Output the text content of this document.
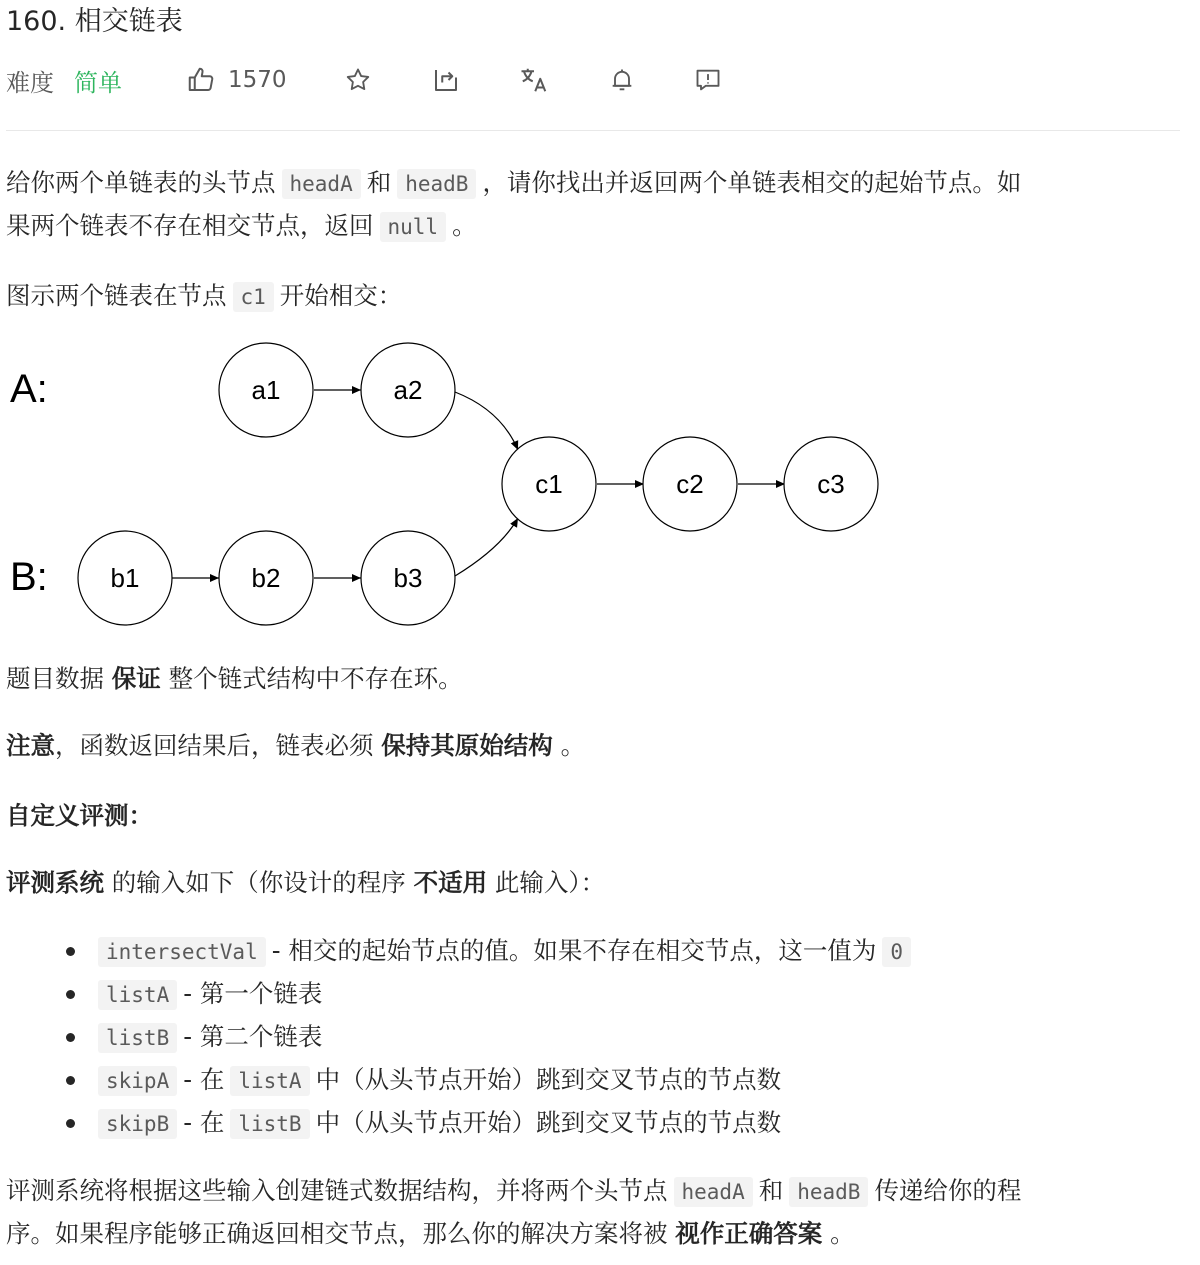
160. 相交链表
难度 简单	1570
给你两个单链表的头节点 headA 和 headB ，请你找出并返回两个单链表相交的起始节点。如
果两个链表不存在相交节点，返回 null 。
图示两个链表在节点 c1 开始相交：
A:
B:
a1	a2
b1	b2	b3
c1	c2	c3
题目数据 保证 整个链式结构中不存在环。
注意，函数返回结果后，链表必须 保持其原始结构 。
自定义评测：
评测系统 的输入如下（你设计的程序 不适用 此输入）：
intersectVal - 相交的起始节点的值。如果不存在相交节点，这一值为 0
listA - 第一个链表
listB - 第二个链表
skipA - 在 listA 中（从头节点开始）跳到交叉节点的节点数
skipB - 在 listB 中（从头节点开始）跳到交叉节点的节点数
评测系统将根据这些输入创建链式数据结构，并将两个头节点 headA 和 headB 传递给你的程
序。如果程序能够正确返回相交节点，那么你的解决方案将被 视作正确答案 。
